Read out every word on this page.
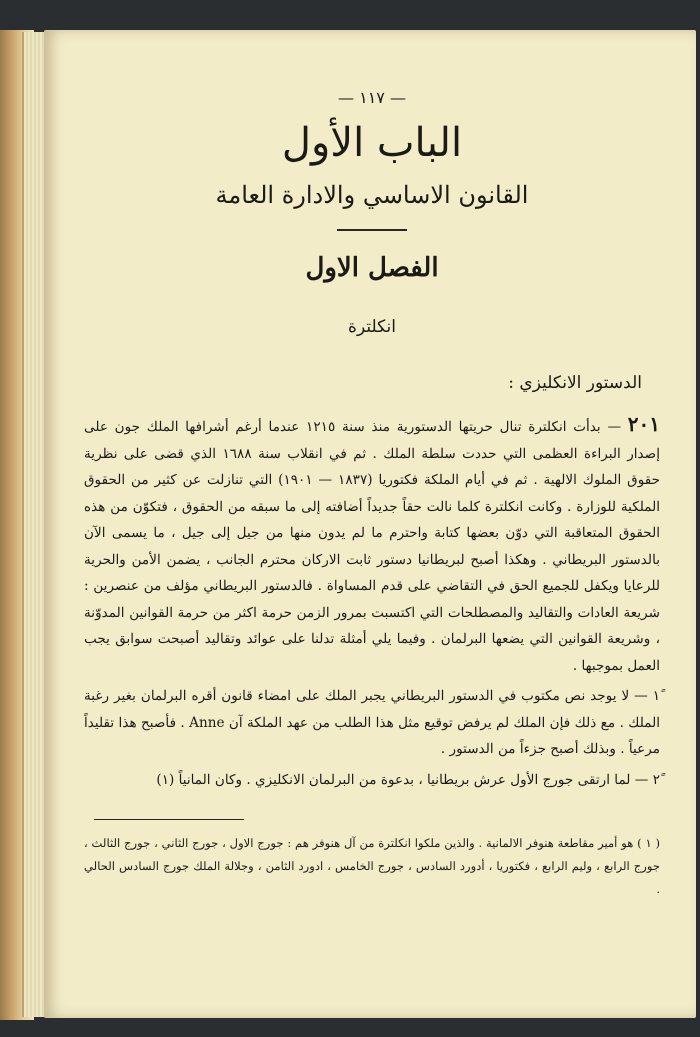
— ١١٧ —
الباب الأول
القانون الاساسي والادارة العامة
الفصل الاول
انكلترة
الدستور الانكليزي :
٢٠١ — بدأت انكلترة تنال حريتها الدستورية منذ سنة ١٢١٥ عندما أرغم أشرافها الملك جون على إصدار البراءة العظمى التي حددت سلطة الملك . ثم في انقلاب سنة ١٦٨٨ الذي قضى على نظرية حقوق الملوك الالهية . ثم في أيام الملكة فكتوريا (١٨٣٧ — ١٩٠١) التي تنازلت عن كثير من الحقوق الملكية للوزارة . وكانت انكلترة كلما نالت حقاً جديداً أضافته إلى ما سبقه من الحقوق ، فتكوّن من هذه الحقوق المتعاقبة التي دوّن بعضها كتابة واحترم ما لم يدون منها من جيل إلى جيل ، ما يسمى الآن بالدستور البريطاني . وهكذا أصبح لبريطانيا دستور ثابت الاركان محترم الجانب ، يضمن الأمن والحرية للرعايا ويكفل للجميع الحق في التقاضي على قدم المساواة . فالدستور البريطاني مؤلف من عنصرين : شريعة العادات والتقاليد والمصطلحات التي اكتسبت بمرور الزمن حرمة اكثر من حرمة القوانين المدوّنة ، وشريعة القوانين التي يضعها البرلمان . وفيما يلي أمثلة تدلنا على عوائد وتقاليد أصبحت سوابق يجب العمل بموجبها .
١ً — لا يوجد نص مكتوب في الدستور البريطاني يجبر الملك على امضاء قانون أقره البرلمان بغير رغبة الملك . مع ذلك فإن الملك لم يرفض توقيع مثل هذا الطلب من عهد الملكة آن Anne . فأصبح هذا تقليداً مرعياً . وبذلك أصبح جزءاً من الدستور .
٢ً — لما ارتقى جورج الأول عرش بريطانيا ، بدعوة من البرلمان الانكليزي . وكان المانياً (١)
( ١ ) هو أمير مقاطعة هنوفر الالمانية . والذين ملكوا انكلترة من آل هنوفر هم : جورج الاول ، جورج الثاني ، جورج الثالث ، جورج الرابع ، وليم الرابع ، فكتوريا ، أدورد السادس ، جورج الخامس ، ادورد الثامن ، وجلالة الملك جورج السادس الحالي .
